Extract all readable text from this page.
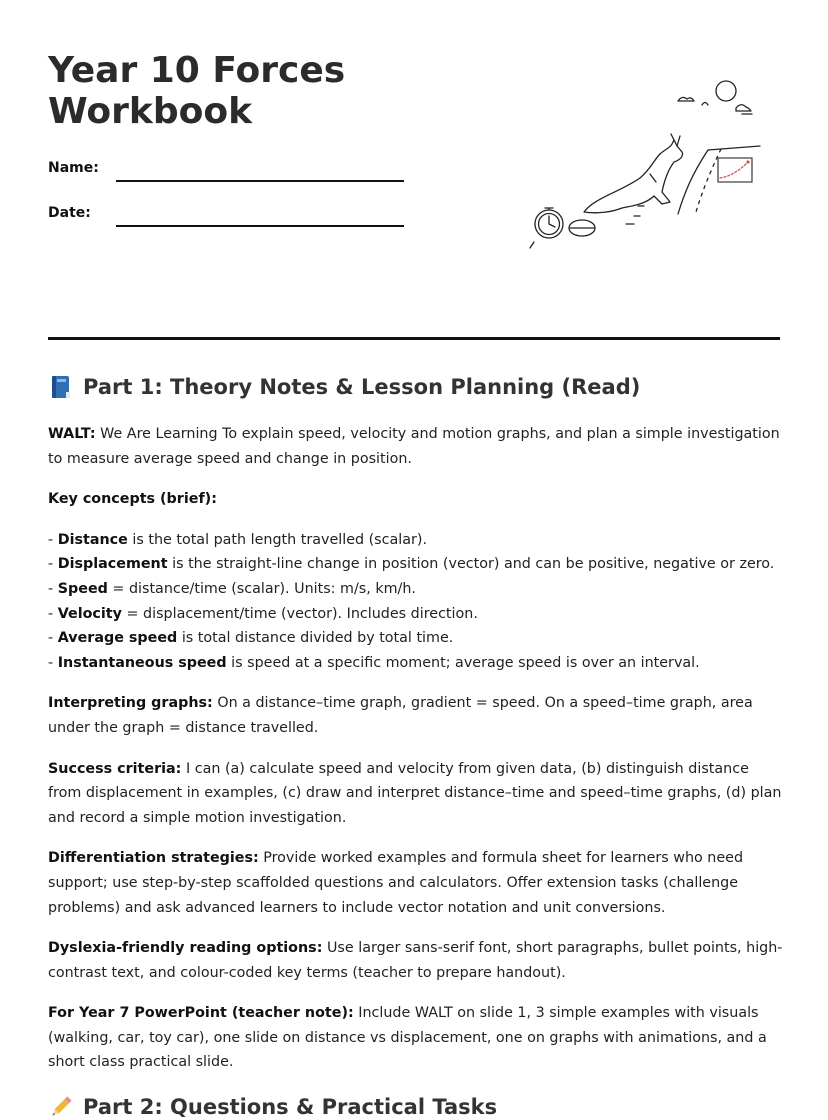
Year 10 Forces
Workbook
Name:
Date:
Part 1: Theory Notes & Lesson Planning (Read)

WALT: We Are Learning To explain speed, velocity and motion graphs, and plan a simple investigation to measure average speed and change in position.

Key concepts (brief):

- Distance is the total path length travelled (scalar).
- Displacement is the straight-line change in position (vector) and can be positive, negative or zero.
- Speed = distance/time (scalar). Units: m/s, km/h.
- Velocity = displacement/time (vector). Includes direction.
- Average speed is total distance divided by total time.
- Instantaneous speed is speed at a specific moment; average speed is over an interval.

Interpreting graphs: On a distance–time graph, gradient = speed. On a speed–time graph, area under the graph = distance travelled.

Success criteria: I can (a) calculate speed and velocity from given data, (b) distinguish distance from displacement in examples, (c) draw and interpret distance–time and speed–time graphs, (d) plan and record a simple motion investigation.

Differentiation strategies: Provide worked examples and formula sheet for learners who need support; use step-by-step scaffolded questions and calculators. Offer extension tasks (challenge problems) and ask advanced learners to include vector notation and unit conversions.

Dyslexia-friendly reading options: Use larger sans-serif font, short paragraphs, bullet points, high-contrast text, and colour-coded key terms (teacher to prepare handout).

For Year 7 PowerPoint (teacher note): Include WALT on slide 1, 3 simple examples with visuals (walking, car, toy car), one slide on distance vs displacement, one on graphs with animations, and a short class practical slide.

Part 2: Questions & Practical Tasks
